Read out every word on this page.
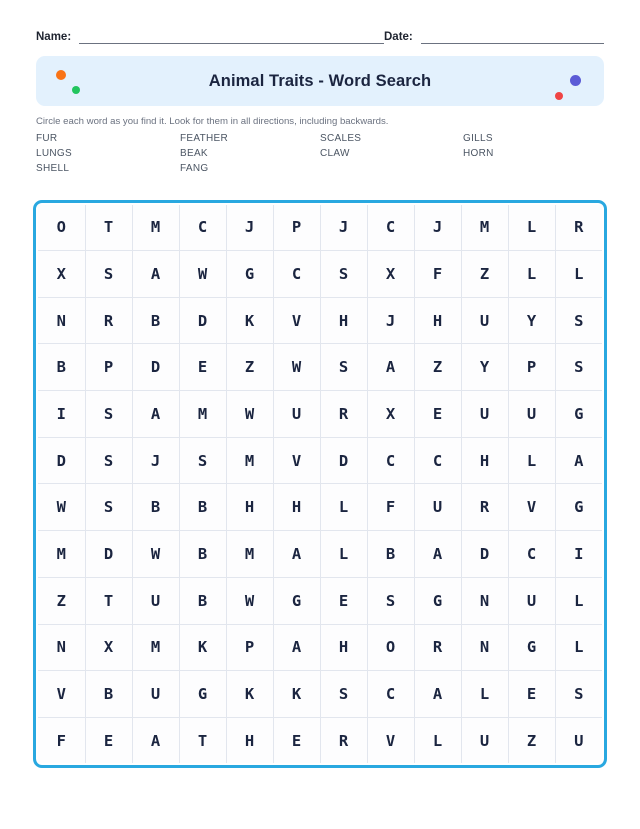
Name:	Date:
Animal Traits - Word Search
Circle each word as you find it. Look for them in all directions, including backwards.
FUR	FEATHER	SCALES	GILLS
LUNGS	BEAK	CLAW	HORN
SHELL	FANG
O	T	M	C	J	P	J	C	J	M	L	R
X	S	A	W	G	C	S	X	F	Z	L	L
N	R	B	D	K	V	H	J	H	U	Y	S
B	P	D	E	Z	W	S	A	Z	Y	P	S
I	S	A	M	W	U	R	X	E	U	U	G
D	S	J	S	M	V	D	C	C	H	L	A
W	S	B	B	H	H	L	F	U	R	V	G
M	D	W	B	M	A	L	B	A	D	C	I
Z	T	U	B	W	G	E	S	G	N	U	L
N	X	M	K	P	A	H	O	R	N	G	L
V	B	U	G	K	K	S	C	A	L	E	S
F	E	A	T	H	E	R	V	L	U	Z	U
